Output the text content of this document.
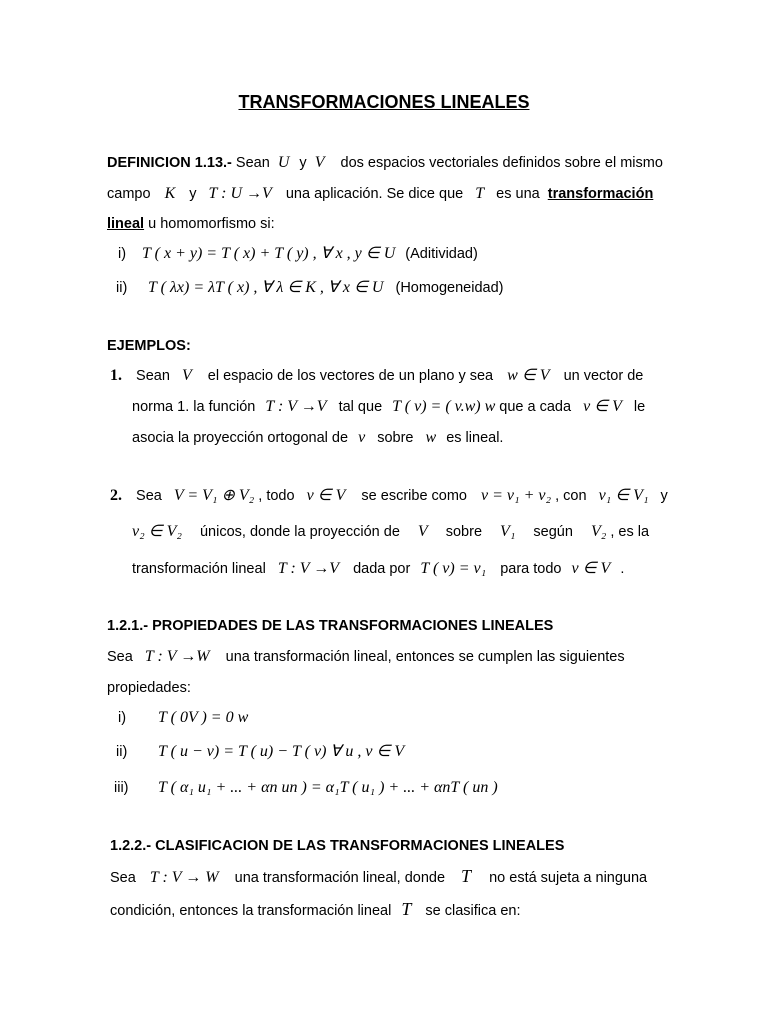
TRANSFORMACIONES LINEALES
DEFINICION 1.13.- Sean U y V dos espacios vectoriales definidos sobre el mismo
campo K y T : U →V una aplicación. Se dice que T es una transformación
lineal u homomorfismo si:
i) T ( x + y) = T ( x) + T ( y) , ∀ x , y ∈ U (Aditividad)
ii) T ( λx) = λT ( x) , ∀ λ ∈ K , ∀ x ∈ U (Homogeneidad)
EJEMPLOS:
1. Sean V el espacio de los vectores de un plano y sea w ∈ V un vector de
norma 1. la función T : V →V tal que T ( v) = ( v.w) w que a cada v ∈ V le
asocia la proyección ortogonal de v sobre w es lineal.
2. Sea V = V₁ ⊕ V₂ , todo v ∈ V se escribe como v = v₁ + v₂ , con v₁ ∈ V₁ y
v₂ ∈ V₂ únicos, donde la proyección de V sobre V₁ según V₂ , es la
transformación lineal T : V →V dada por T ( v) = v₁ para todo v ∈ V .
1.2.1.- PROPIEDADES DE LAS TRANSFORMACIONES LINEALES
Sea T : V →W una transformación lineal, entonces se cumplen las siguientes
propiedades:
i) T ( 0V ) = 0 w
ii) T ( u − v) = T ( u) − T ( v) ∀ u , v ∈ V
iii) T ( α₁ u₁ + ... + αn un ) = α₁T ( u₁ ) + ... + αnT ( un )
1.2.2.- CLASIFICACION DE LAS TRANSFORMACIONES LINEALES
Sea T : V → W una transformación lineal, donde T no está sujeta a ninguna
condición, entonces la transformación lineal T se clasifica en:
